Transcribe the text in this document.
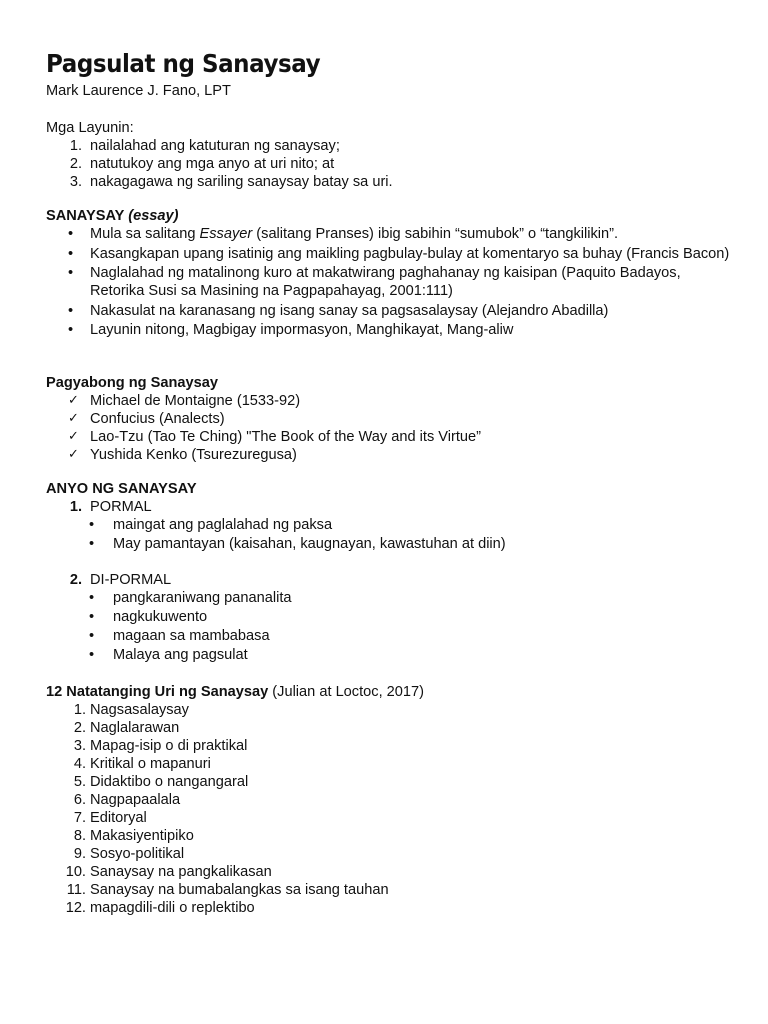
Pagsulat ng Sanaysay
Mark Laurence J. Fano, LPT
Mga Layunin:
1. nailalahad ang katuturan ng sanaysay;
2. natutukoy ang mga anyo at uri nito; at
3. nakagagawa ng sariling sanaysay batay sa uri.
SANAYSAY (essay)
• Mula sa salitang Essayer (salitang Pranses) ibig sabihin “sumubok” o “tangkilikin”.
• Kasangkapan upang isatinig ang maikling pagbulay-bulay at komentaryo sa buhay (Francis Bacon)
• Naglalahad ng matalinong kuro at makatwirang paghahanay ng kaisipan (Paquito Badayos, Retorika Susi sa Masining na Pagpapahayag, 2001:111)
• Nakasulat na karanasang ng isang sanay sa pagsasalaysay (Alejandro Abadilla)
• Layunin nitong, Magbigay impormasyon, Manghikayat, Mang-aliw
Pagyabong ng Sanaysay
✓ Michael de Montaigne (1533-92)
✓ Confucius (Analects)
✓ Lao-Tzu (Tao Te Ching) "The Book of the Way and its Virtue”
✓ Yushida Kenko (Tsurezuregusa)
ANYO NG SANAYSAY
1. PORMAL
• maingat ang paglalahad ng paksa
• May pamantayan (kaisahan, kaugnayan, kawastuhan at diin)
2. DI-PORMAL
• pangkaraniwang pananalita
• nagkukuwento
• magaan sa mambabasa
• Malaya ang pagsulat
12 Natatanging Uri ng Sanaysay (Julian at Loctoc, 2017)
1. Nagsasalaysay
2. Naglalarawan
3. Mapag-isip o di praktikal
4. Kritikal o mapanuri
5. Didaktibo o nangangaral
6. Nagpapaalala
7. Editoryal
8. Makasiyentipiko
9. Sosyo-politikal
10. Sanaysay na pangkalikasan
11. Sanaysay na bumabalangkas sa isang tauhan
12. mapagdili-dili o replektibo
